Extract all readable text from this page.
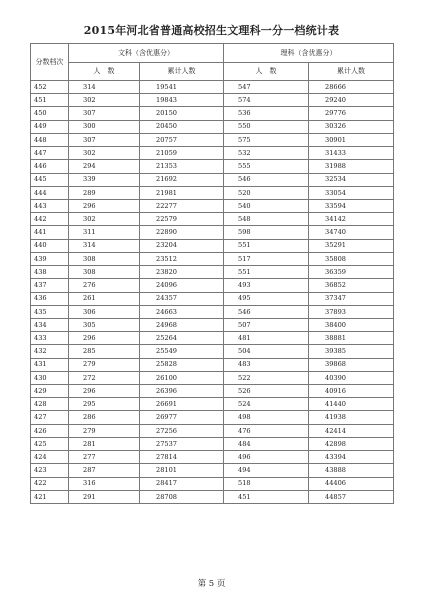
2015年河北省普通高校招生文理科一分一档统计表
分数档次	文科（含优惠分）		理科（含优惠分）	
	人　数	累计人数	人　数	累计人数
452	314	19541	547	28666
451	302	19843	574	29240
450	307	20150	536	29776
449	300	20450	550	30326
448	307	20757	575	30901
447	302	21059	532	31433
446	294	21353	555	31988
445	339	21692	546	32534
444	289	21981	520	33054
443	296	22277	540	33594
442	302	22579	548	34142
441	311	22890	598	34740
440	314	23204	551	35291
439	308	23512	517	35808
438	308	23820	551	36359
437	276	24096	493	36852
436	261	24357	495	37347
435	306	24663	546	37893
434	305	24968	507	38400
433	296	25264	481	38881
432	285	25549	504	39385
431	279	25828	483	39868
430	272	26100	522	40390
429	296	26396	526	40916
428	295	26691	524	41440
427	286	26977	498	41938
426	279	27256	476	42414
425	281	27537	484	42898
424	277	27814	496	43394
423	287	28101	494	43888
422	316	28417	518	44406
421	291	28708	451	44857
第 5 页
